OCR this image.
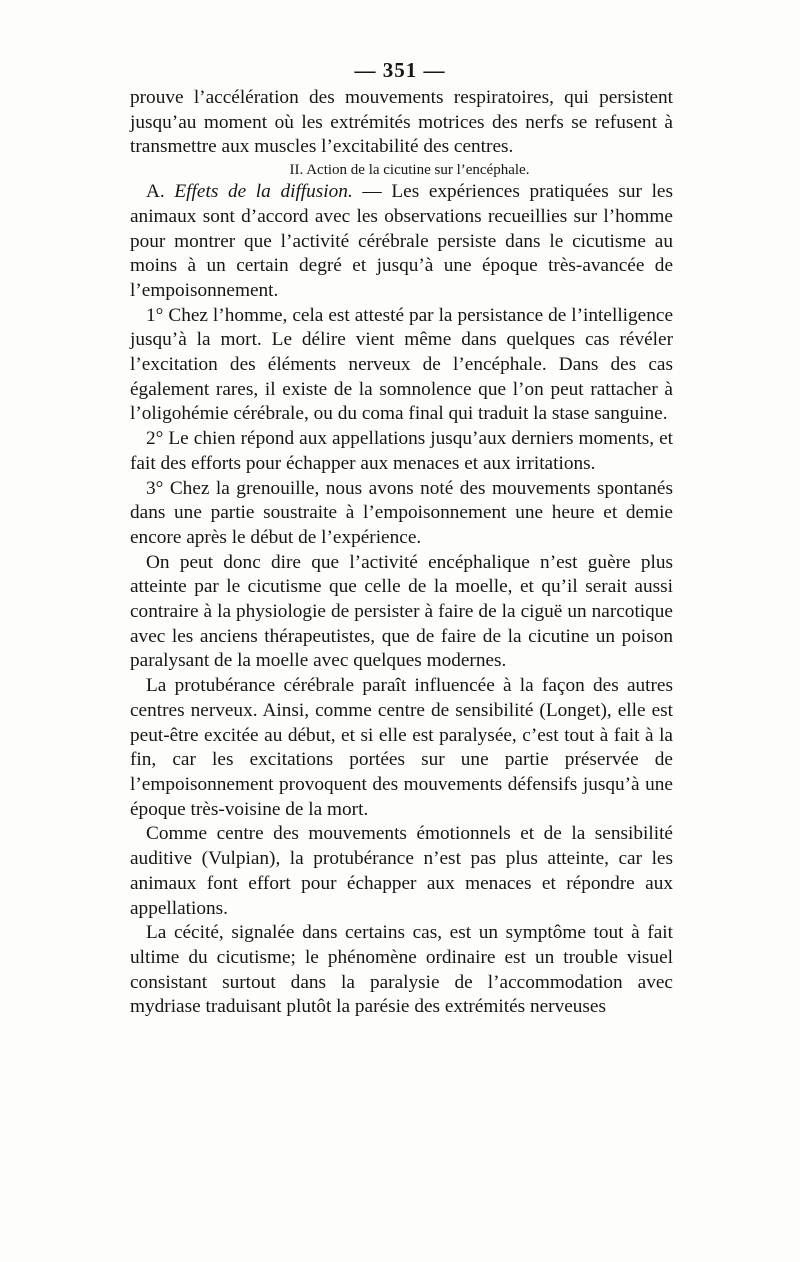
— 351 —

prouve l’accélération des mouvements respiratoires, qui persistent jusqu’au moment où les extrémités motrices des nerfs se refusent à transmettre aux muscles l’excitabilité des centres.

II. Action de la cicutine sur l’encéphale.

A. Effets de la diffusion. — Les expériences pratiquées sur les animaux sont d’accord avec les observations recueillies sur l’homme pour montrer que l’activité cérébrale persiste dans le cicutisme au moins à un certain degré et jusqu’à une époque très-avancée de l’empoisonnement.

1° Chez l’homme, cela est attesté par la persistance de l’intelligence jusqu’à la mort. Le délire vient même dans quelques cas révéler l’excitation des éléments nerveux de l’encéphale. Dans des cas également rares, il existe de la somnolence que l’on peut rattacher à l’oligohémie cérébrale, ou du coma final qui traduit la stase sanguine.

2° Le chien répond aux appellations jusqu’aux derniers moments, et fait des efforts pour échapper aux menaces et aux irritations.

3° Chez la grenouille, nous avons noté des mouvements spontanés dans une partie soustraite à l’empoisonnement une heure et demie encore après le début de l’expérience.

On peut donc dire que l’activité encéphalique n’est guère plus atteinte par le cicutisme que celle de la moelle, et qu’il serait aussi contraire à la physiologie de persister à faire de la ciguë un narcotique avec les anciens thérapeutistes, que de faire de la cicutine un poison paralysant de la moelle avec quelques modernes.

La protubérance cérébrale paraît influencée à la façon des autres centres nerveux. Ainsi, comme centre de sensibilité (Longet), elle est peut-être excitée au début, et si elle est paralysée, c’est tout à fait à la fin, car les excitations portées sur une partie préservée de l’empoisonnement provoquent des mouvements défensifs jusqu’à une époque très-voisine de la mort.

Comme centre des mouvements émotionnels et de la sensibilité auditive (Vulpian), la protubérance n’est pas plus atteinte, car les animaux font effort pour échapper aux menaces et répondre aux appellations.

La cécité, signalée dans certains cas, est un symptôme tout à fait ultime du cicutisme; le phénomène ordinaire est un trouble visuel consistant surtout dans la paralysie de l’accommodation avec mydriase traduisant plutôt la parésie des extrémités nerveuses
